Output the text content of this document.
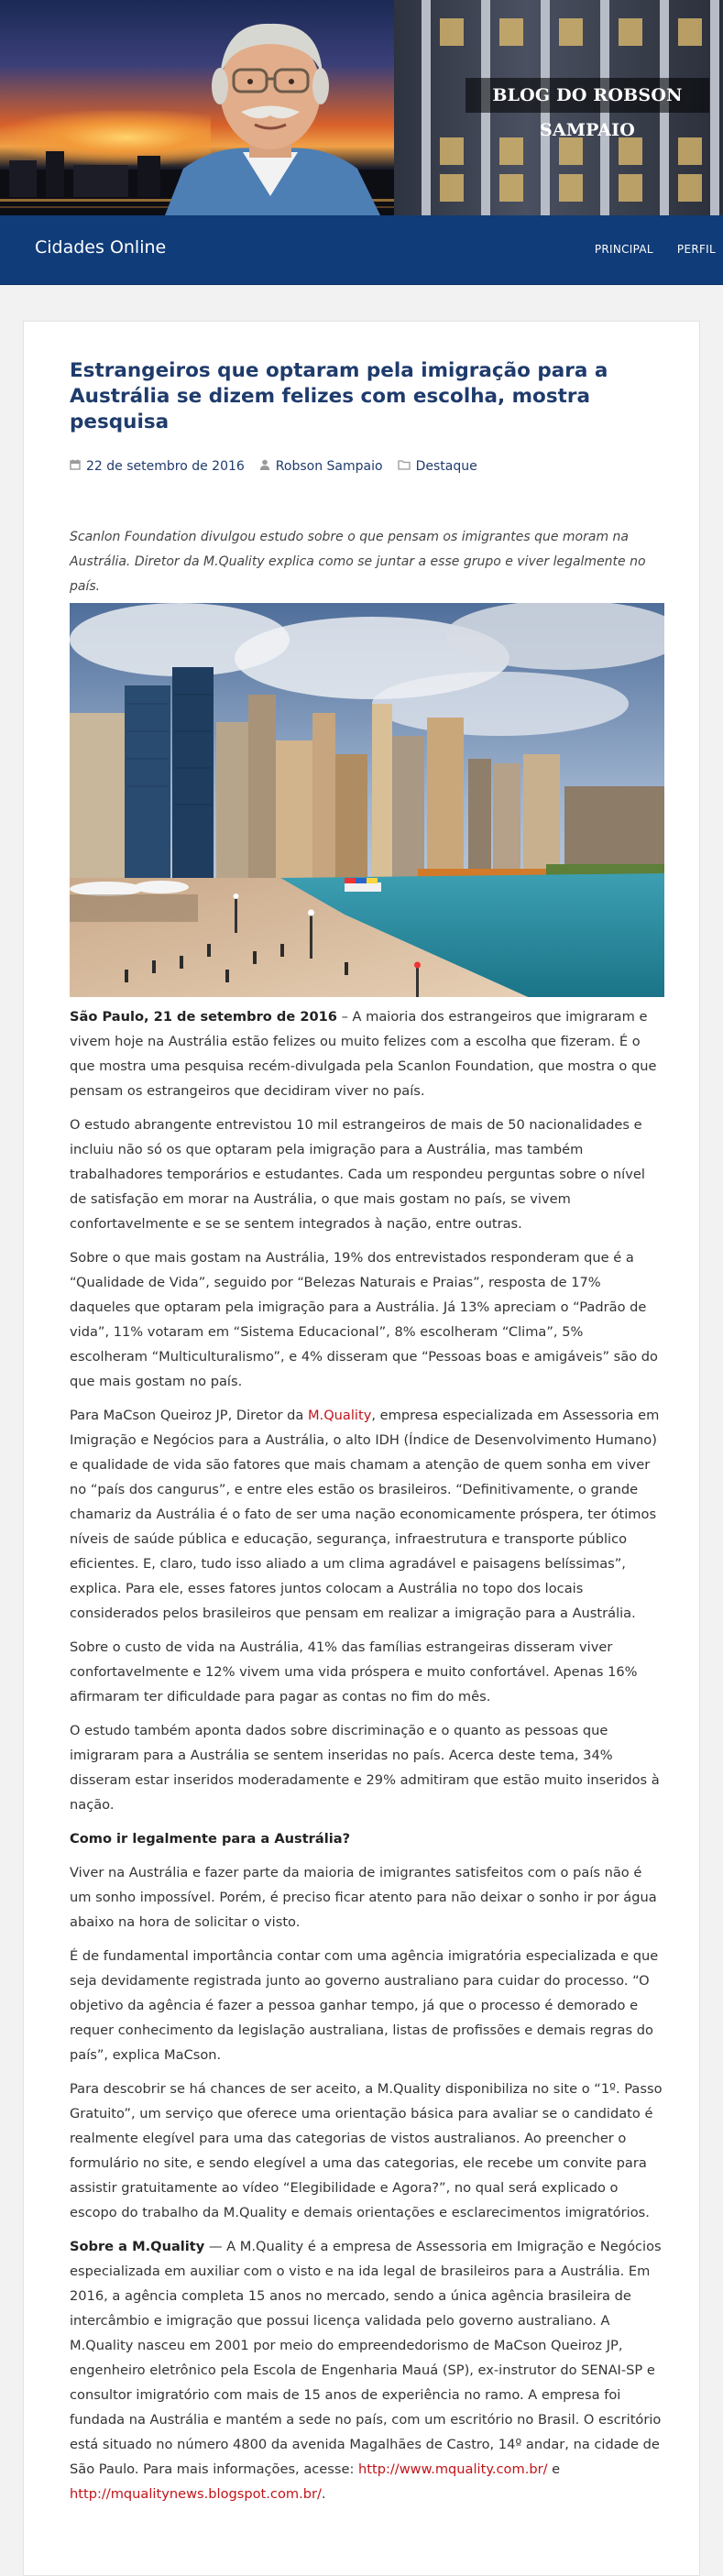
BLOG DO ROBSON SAMPAIO
Cidades Online	PRINCIPAL PERFIL
Estrangeiros que optaram pela imigração para a Austrália se dizem felizes com escolha, mostra pesquisa
22 de setembro de 2016 Robson Sampaio	Destaque

Scanlon Foundation divulgou estudo sobre o que pensam os imigrantes que moram na Austrália. Diretor da M.Quality explica como se juntar a esse grupo e viver legalmente no país.

São Paulo, 21 de setembro de 2016 – A maioria dos estrangeiros que imigraram e vivem hoje na Austrália estão felizes ou muito felizes com a escolha que fizeram. É o que mostra uma pesquisa recém-divulgada pela Scanlon Foundation, que mostra o que pensam os estrangeiros que decidiram viver no país.

O estudo abrangente entrevistou 10 mil estrangeiros de mais de 50 nacionalidades e incluiu não só os que optaram pela imigração para a Austrália, mas também trabalhadores temporários e estudantes. Cada um respondeu perguntas sobre o nível de satisfação em morar na Austrália, o que mais gostam no país, se vivem confortavelmente e se se sentem integrados à nação, entre outras.

Sobre o que mais gostam na Austrália, 19% dos entrevistados responderam que é a “Qualidade de Vida”, seguido por “Belezas Naturais e Praias”, resposta de 17% daqueles que optaram pela imigração para a Austrália. Já 13% apreciam o “Padrão de vida”, 11% votaram em “Sistema Educacional”, 8% escolheram “Clima”, 5% escolheram “Multiculturalismo”, e 4% disseram que “Pessoas boas e amigáveis” são do que mais gostam no país.

Para MaCson Queiroz JP, Diretor da M.Quality, empresa especializada em Assessoria em Imigração e Negócios para a Austrália, o alto IDH (Índice de Desenvolvimento Humano) e qualidade de vida são fatores que mais chamam a atenção de quem sonha em viver no “país dos cangurus”, e entre eles estão os brasileiros. “Definitivamente, o grande chamariz da Austrália é o fato de ser uma nação economicamente próspera, ter ótimos níveis de saúde pública e educação, segurança, infraestrutura e transporte público eficientes. E, claro, tudo isso aliado a um clima agradável e paisagens belíssimas”, explica. Para ele, esses fatores juntos colocam a Austrália no topo dos locais considerados pelos brasileiros que pensam em realizar a imigração para a Austrália.

Sobre o custo de vida na Austrália, 41% das famílias estrangeiras disseram viver confortavelmente e 12% vivem uma vida próspera e muito confortável. Apenas 16% afirmaram ter dificuldade para pagar as contas no fim do mês.

O estudo também aponta dados sobre discriminação e o quanto as pessoas que imigraram para a Austrália se sentem inseridas no país. Acerca deste tema, 34% disseram estar inseridos moderadamente e 29% admitiram que estão muito inseridos à nação.

Como ir legalmente para a Austrália?

Viver na Austrália e fazer parte da maioria de imigrantes satisfeitos com o país não é um sonho impossível. Porém, é preciso ficar atento para não deixar o sonho ir por água abaixo na hora de solicitar o visto.

É de fundamental importância contar com uma agência imigratória especializada e que seja devidamente registrada junto ao governo australiano para cuidar do processo. “O objetivo da agência é fazer a pessoa ganhar tempo, já que o processo é demorado e requer conhecimento da legislação australiana, listas de profissões e demais regras do país”, explica MaCson.

Para descobrir se há chances de ser aceito, a M.Quality disponibiliza no site o “1º. Passo Gratuito”, um serviço que oferece uma orientação básica para avaliar se o candidato é realmente elegível para uma das categorias de vistos australianos. Ao preencher o formulário no site, e sendo elegível a uma das categorias, ele recebe um convite para assistir gratuitamente ao vídeo “Elegibilidade e Agora?”, no qual será explicado o escopo do trabalho da M.Quality e demais orientações e esclarecimentos imigratórios.

Sobre a M.Quality — A M.Quality é a empresa de Assessoria em Imigração e Negócios especializada em auxiliar com o visto e na ida legal de brasileiros para a Austrália. Em 2016, a agência completa 15 anos no mercado, sendo a única agência brasileira de intercâmbio e imigração que possui licença validada pelo governo australiano. A M.Quality nasceu em 2001 por meio do empreendedorismo de MaCson Queiroz JP, engenheiro eletrônico pela Escola de Engenharia Mauá (SP), ex-instrutor do SENAI-SP e consultor imigratório com mais de 15 anos de experiência no ramo. A empresa foi fundada na Austrália e mantém a sede no país, com um escritório no Brasil. O escritório está situado no número 4800 da avenida Magalhães de Castro, 14º andar, na cidade de São Paulo. Para mais informações, acesse: http://www.mquality.com.br/ e http://mqualitynews.blogspot.com.br/.
